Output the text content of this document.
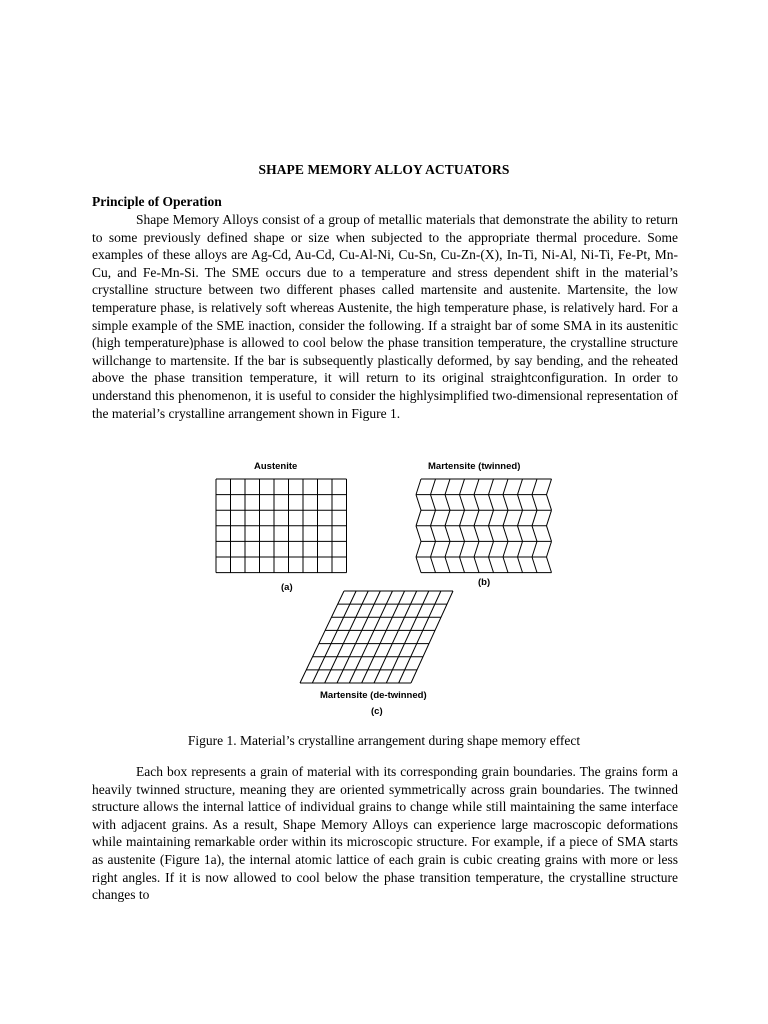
SHAPE MEMORY ALLOY ACTUATORS
Principle of Operation

Shape Memory Alloys consist of a group of metallic materials that demonstrate the ability to return to some previously defined shape or size when subjected to the appropriate thermal procedure. Some examples of these alloys are Ag-Cd, Au-Cd, Cu-Al-Ni, Cu-Sn, Cu-Zn-(X), In-Ti, Ni-Al, Ni-Ti, Fe-Pt, Mn-Cu, and Fe-Mn-Si. The SME occurs due to a temperature and stress dependent shift in the material’s crystalline structure between two different phases called martensite and austenite. Martensite, the low temperature phase, is relatively soft whereas Austenite, the high temperature phase, is relatively hard. For a simple example of the SME inaction, consider the following. If a straight bar of some SMA in its austenitic (high temperature)phase is allowed to cool below the phase transition temperature, the crystalline structure willchange to martensite. If the bar is subsequently plastically deformed, by say bending, and the reheated above the phase transition temperature, it will return to its original straightconfiguration. In order to understand this phenomenon, it is useful to consider the highlysimplified two-dimensional representation of the material’s crystalline arrangement shown in Figure 1.

Austenite
(a)
Martensite (twinned)
(b)
Martensite (de-twinned)
(c)
Figure 1. Material’s crystalline arrangement during shape memory effect

Each box represents a grain of material with its corresponding grain boundaries. The grains form a heavily twinned structure, meaning they are oriented symmetrically across grain boundaries. The twinned structure allows the internal lattice of individual grains to change while still maintaining the same interface with adjacent grains. As a result, Shape Memory Alloys can experience large macroscopic deformations while maintaining remarkable order within its microscopic structure. For example, if a piece of SMA starts as austenite (Figure 1a), the internal atomic lattice of each grain is cubic creating grains with more or less right angles. If it is now allowed to cool below the phase transition temperature, the crystalline structure changes to
